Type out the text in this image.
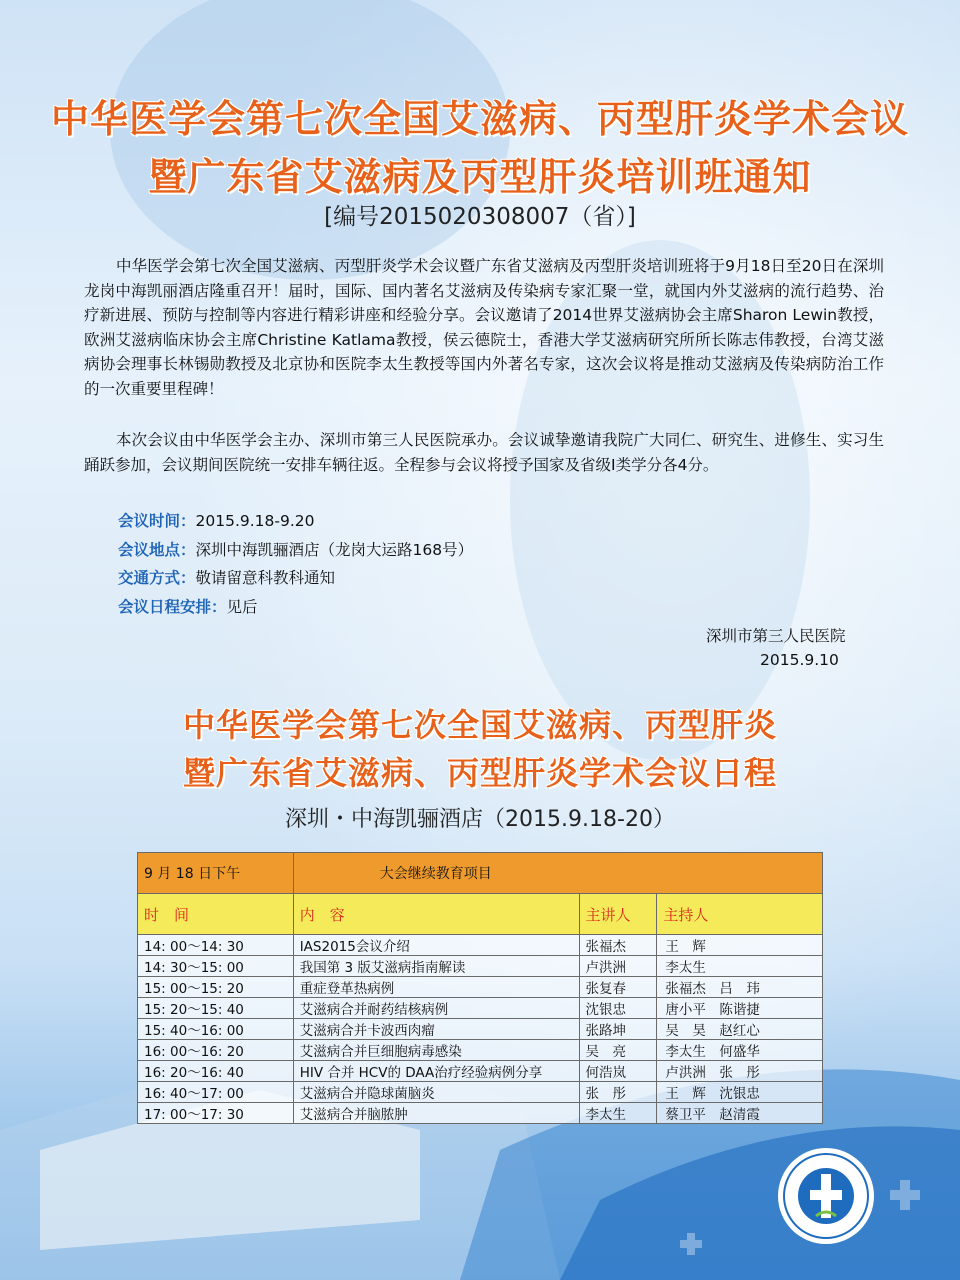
中华医学会第七次全国艾滋病、丙型肝炎学术会议
暨广东省艾滋病及丙型肝炎培训班通知
[编号2015020308007（省）]
中华医学会第七次全国艾滋病、丙型肝炎学术会议暨广东省艾滋病及丙型肝炎培训班将于9月18日至20日在深圳龙岗中海凯丽酒店隆重召开！届时，国际、国内著名艾滋病及传染病专家汇聚一堂，就国内外艾滋病的流行趋势、治疗新进展、预防与控制等内容进行精彩讲座和经验分享。会议邀请了2014世界艾滋病协会主席Sharon Lewin教授，欧洲艾滋病临床协会主席Christine Katlama教授，侯云德院士，香港大学艾滋病研究所所长陈志伟教授，台湾艾滋病协会理事长林锡勋教授及北京协和医院李太生教授等国内外著名专家，这次会议将是推动艾滋病及传染病防治工作的一次重要里程碑！
本次会议由中华医学会主办、深圳市第三人民医院承办。会议诚挚邀请我院广大同仁、研究生、进修生、实习生踊跃参加，会议期间医院统一安排车辆往返。全程参与会议将授予国家及省级I类学分各4分。
会议时间：2015.9.18-9.20
会议地点：深圳中海凯骊酒店（龙岗大运路168号）
交通方式：敬请留意科教科通知
会议日程安排：见后
深圳市第三人民医院
2015.9.10
中华医学会第七次全国艾滋病、丙型肝炎
暨广东省艾滋病、丙型肝炎学术会议日程
深圳・中海凯骊酒店（2015.9.18-20）
9 月 18 日下午	大会继续教育项目		
时　间	内　容	主讲人	主持人
14: 00～14: 30	IAS2015会议介绍	张福杰	王　辉
14: 30～15: 00	我国第 3 版艾滋病指南解读	卢洪洲	李太生
15: 00～15: 20	重症登革热病例	张复春	张福杰　吕　玮
15: 20～15: 40	艾滋病合并耐药结核病例	沈银忠	唐小平　陈谐捷
15: 40～16: 00	艾滋病合并卡波西肉瘤	张路坤	吴　昊　赵红心
16: 00～16: 20	艾滋病合并巨细胞病毒感染	吴　亮	李太生　何盛华
16: 20～16: 40	HIV 合并 HCV的 DAA治疗经验病例分享	何浩岚	卢洪洲　张　彤
16: 40～17: 00	艾滋病合并隐球菌脑炎	张　彤	王　辉　沈银忠
17: 00～17: 30	艾滋病合并脑脓肿	李太生	蔡卫平　赵清霞
